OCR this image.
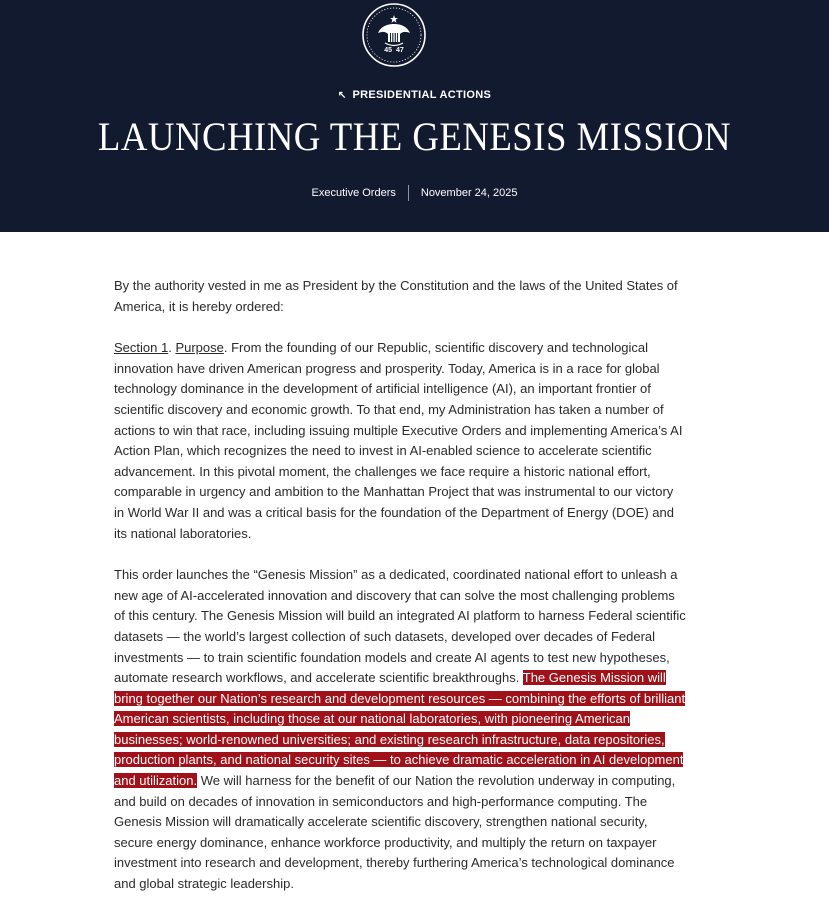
45 47
↖ PRESIDENTIAL ACTIONS
LAUNCHING THE GENESIS MISSION
Executive Orders November 24, 2025

By the authority vested in me as President by the Constitution and the laws of the United States of America, it is hereby ordered:

Section 1. Purpose. From the founding of our Republic, scientific discovery and technological innovation have driven American progress and prosperity. Today, America is in a race for global technology dominance in the development of artificial intelligence (AI), an important frontier of scientific discovery and economic growth. To that end, my Administration has taken a number of actions to win that race, including issuing multiple Executive Orders and implementing America’s AI Action Plan, which recognizes the need to invest in AI-enabled science to accelerate scientific advancement. In this pivotal moment, the challenges we face require a historic national effort, comparable in urgency and ambition to the Manhattan Project that was instrumental to our victory in World War II and was a critical basis for the foundation of the Department of Energy (DOE) and its national laboratories.

This order launches the “Genesis Mission” as a dedicated, coordinated national effort to unleash a new age of AI-accelerated innovation and discovery that can solve the most challenging problems of this century. The Genesis Mission will build an integrated AI platform to harness Federal scientific datasets — the world’s largest collection of such datasets, developed over decades of Federal investments — to train scientific foundation models and create AI agents to test new hypotheses, automate research workflows, and accelerate scientific breakthroughs. The Genesis Mission will bring together our Nation’s research and development resources — combining the efforts of brilliant American scientists, including those at our national laboratories, with pioneering American businesses; world-renowned universities; and existing research infrastructure, data repositories, production plants, and national security sites — to achieve dramatic acceleration in AI development and utilization. We will harness for the benefit of our Nation the revolution underway in computing, and build on decades of innovation in semiconductors and high-performance computing. The Genesis Mission will dramatically accelerate scientific discovery, strengthen national security, secure energy dominance, enhance workforce productivity, and multiply the return on taxpayer investment into research and development, thereby furthering America’s technological dominance and global strategic leadership.
